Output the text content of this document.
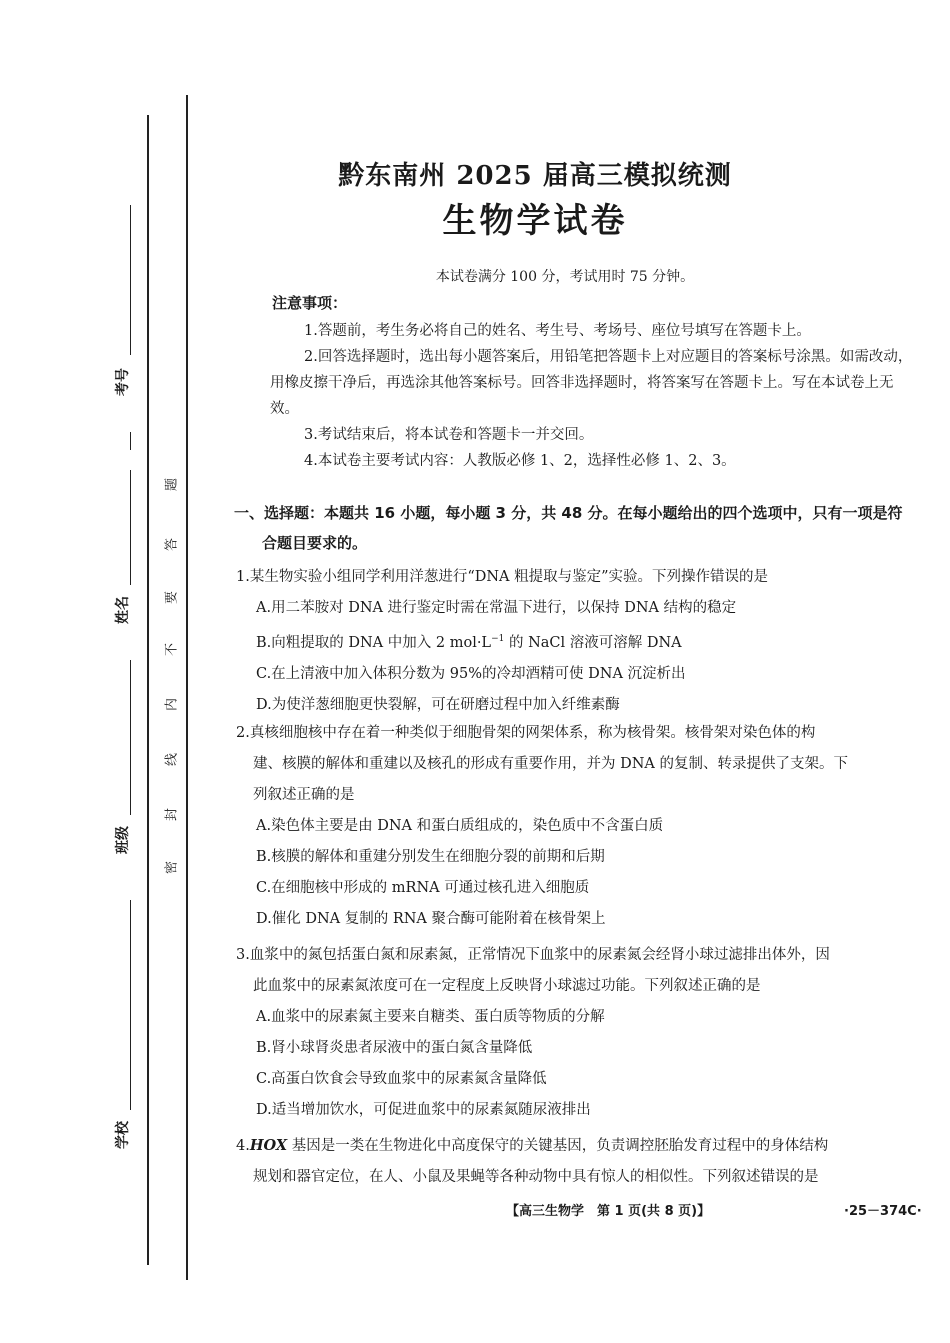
考号
姓名
班级
学校
题
答
要
不
内
线
封
密
黔东南州 2025 届高三模拟统测
生物学试卷
本试卷满分 100 分，考试用时 75 分钟。
注意事项：

1.答题前，考生务必将自己的姓名、考生号、考场号、座位号填写在答题卡上。

2.回答选择题时，选出每小题答案后，用铅笔把答题卡上对应题目的答案标号涂黑。如需改动，用橡皮擦干净后，再选涂其他答案标号。回答非选择题时，将答案写在答题卡上。写在本试卷上无效。

3.考试结束后，将本试卷和答题卡一并交回。

4.本试卷主要考试内容：人教版必修 1、2，选择性必修 1、2、3。

一、选择题：本题共 16 小题，每小题 3 分，共 48 分。在每小题给出的四个选项中，只有一项是符
合题目要求的。
1.某生物实验小组同学利用洋葱进行“DNA 粗提取与鉴定”实验。下列操作错误的是
A.用二苯胺对 DNA 进行鉴定时需在常温下进行，以保持 DNA 结构的稳定
B.向粗提取的 DNA 中加入 2 $mol\cdot L^{-1}$ 的 NaCl 溶液可溶解 DNA
C.在上清液中加入体积分数为 95%的冷却酒精可使 DNA 沉淀析出
D.为使洋葱细胞更快裂解，可在研磨过程中加入纤维素酶
2.真核细胞核中存在着一种类似于细胞骨架的网架体系，称为核骨架。核骨架对染色体的构
建、核膜的解体和重建以及核孔的形成有重要作用，并为 DNA 的复制、转录提供了支架。下
列叙述正确的是
A.染色体主要是由 DNA 和蛋白质组成的，染色质中不含蛋白质
B.核膜的解体和重建分别发生在细胞分裂的前期和后期
C.在细胞核中形成的 mRNA 可通过核孔进入细胞质
D.催化 DNA 复制的 RNA 聚合酶可能附着在核骨架上
3.血浆中的氮包括蛋白氮和尿素氮，正常情况下血浆中的尿素氮会经肾小球过滤排出体外，因
此血浆中的尿素氮浓度可在一定程度上反映肾小球滤过功能。下列叙述正确的是
A.血浆中的尿素氮主要来自糖类、蛋白质等物质的分解
B.肾小球肾炎患者尿液中的蛋白氮含量降低
C.高蛋白饮食会导致血浆中的尿素氮含量降低
D.适当增加饮水，可促进血浆中的尿素氮随尿液排出
4.HOX 基因是一类在生物进化中高度保守的关键基因，负责调控胚胎发育过程中的身体结构
规划和器官定位，在人、小鼠及果蝇等各种动物中具有惊人的相似性。下列叙述错误的是
【高三生物学　第 1 页(共 8 页)】	·25－374C·
